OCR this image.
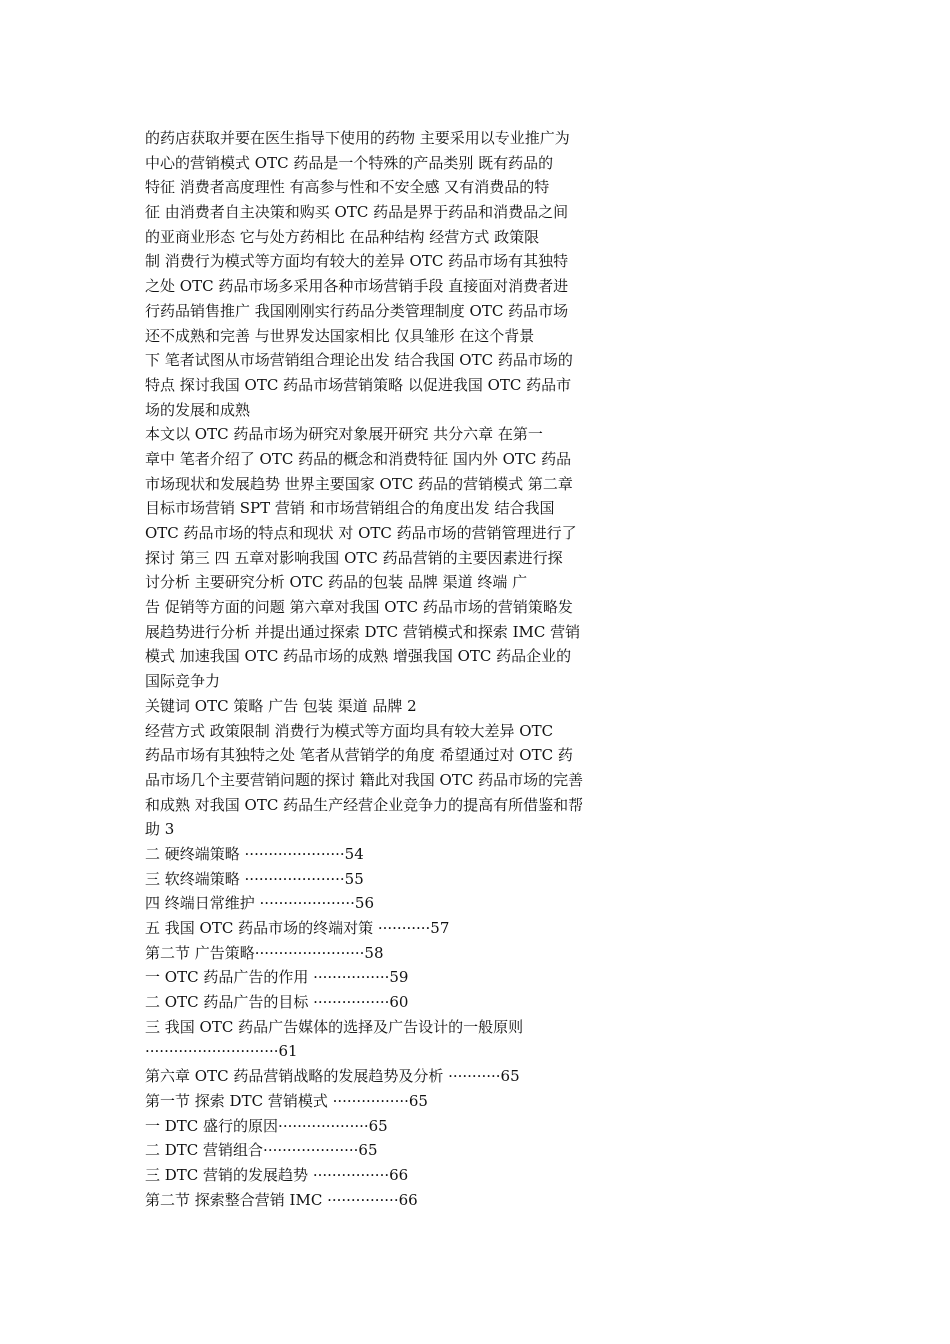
的药店获取并要在医生指导下使用的药物 主要采用以专业推广为
中心的营销模式 OTC 药品是一个特殊的产品类别 既有药品的
特征 消费者高度理性 有高参与性和不安全感 又有消费品的特
征 由消费者自主决策和购买 OTC 药品是界于药品和消费品之间
的亚商业形态 它与处方药相比 在品种结构 经营方式 政策限
制 消费行为模式等方面均有较大的差异 OTC 药品市场有其独特
之处 OTC 药品市场多采用各种市场营销手段 直接面对消费者进
行药品销售推广 我国刚刚实行药品分类管理制度 OTC 药品市场
还不成熟和完善 与世界发达国家相比 仅具雏形 在这个背景
下 笔者试图从市场营销组合理论出发 结合我国 OTC 药品市场的
特点 探讨我国 OTC 药品市场营销策略 以促进我国 OTC 药品市
场的发展和成熟
本文以 OTC 药品市场为研究对象展开研究 共分六章 在第一
章中 笔者介绍了 OTC 药品的概念和消费特征 国内外 OTC 药品
市场现状和发展趋势 世界主要国家 OTC 药品的营销模式 第二章
目标市场营销 SPT 营销 和市场营销组合的角度出发 结合我国
OTC 药品市场的特点和现状 对 OTC 药品市场的营销管理进行了
探讨 第三 四 五章对影响我国 OTC 药品营销的主要因素进行探
讨分析 主要研究分析 OTC 药品的包装 品牌 渠道 终端 广
告 促销等方面的问题 第六章对我国 OTC 药品市场的营销策略发
展趋势进行分析 并提出通过探索 DTC 营销模式和探索 IMC 营销
模式 加速我国 OTC 药品市场的成熟 增强我国 OTC 药品企业的
国际竞争力
关键词 OTC 策略 广告 包装 渠道 品牌 2
经营方式 政策限制 消费行为模式等方面均具有较大差异 OTC
药品市场有其独特之处 笔者从营销学的角度 希望通过对 OTC 药
品市场几个主要营销问题的探讨 籍此对我国 OTC 药品市场的完善
和成熟 对我国 OTC 药品生产经营企业竞争力的提高有所借鉴和帮
助 3
二 硬终端策略 ·····················54
三 软终端策略 ·····················55
四 终端日常维护 ····················56
五 我国 OTC 药品市场的终端对策 ···········57
第二节 广告策略·······················58
一 OTC 药品广告的作用 ················59
二 OTC 药品广告的目标 ················60
三 我国 OTC 药品广告媒体的选择及广告设计的一般原则
····························61
第六章 OTC 药品营销战略的发展趋势及分析 ···········65
第一节 探索 DTC 营销模式 ················65
一 DTC 盛行的原因···················65
二 DTC 营销组合····················65
三 DTC 营销的发展趋势 ················66
第二节 探索整合营销 IMC ···············66
